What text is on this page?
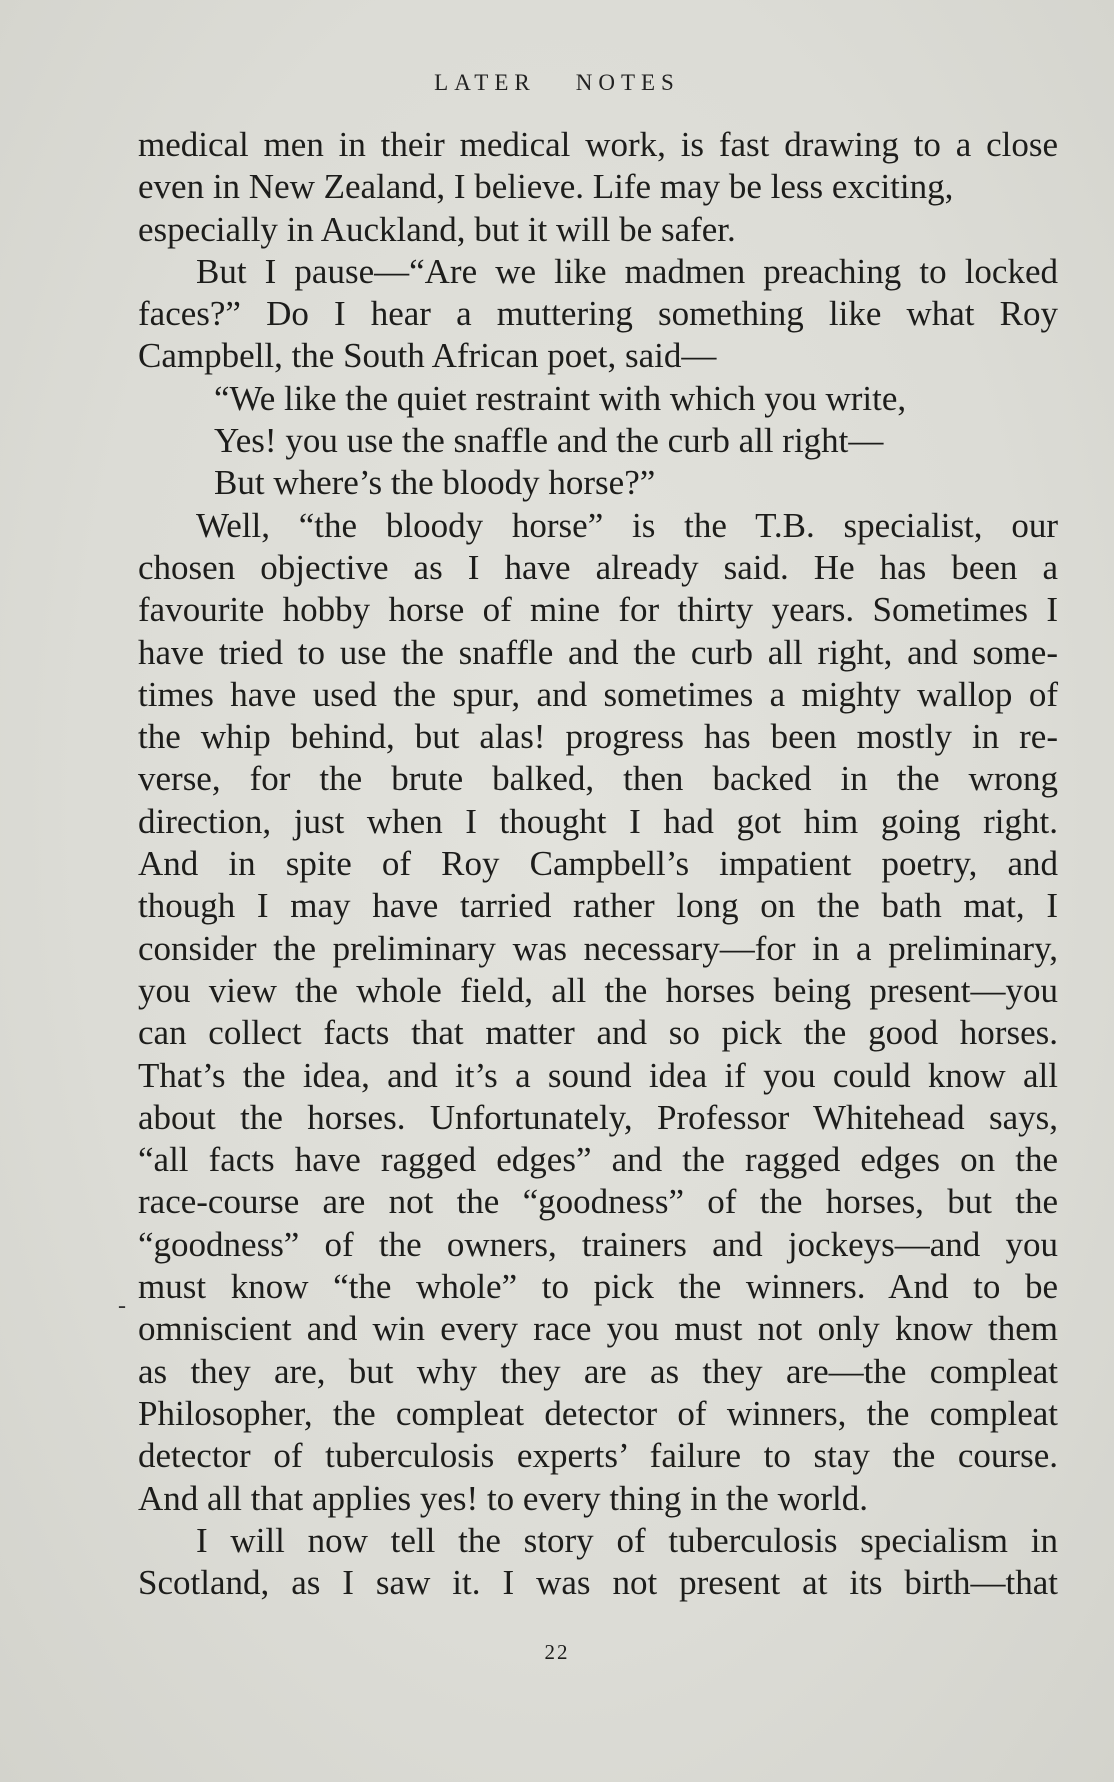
LATER NOTES
-
medical men in their medical work, is fast drawing to a close
even in New Zealand, I believe. Life may be less exciting,
especially in Auckland, but it will be safer.
But I pause—“Are we like madmen preaching to locked
faces?” Do I hear a muttering something like what Roy
Campbell, the South African poet, said—
“We like the quiet restraint with which you write,
Yes! you use the snaffle and the curb all right—
But where’s the bloody horse?”
Well, “the bloody horse” is the T.B. specialist, our
chosen objective as I have already said. He has been a
favourite hobby horse of mine for thirty years. Sometimes I
have tried to use the snaffle and the curb all right, and some-
times have used the spur, and sometimes a mighty wallop of
the whip behind, but alas! progress has been mostly in re-
verse, for the brute balked, then backed in the wrong
direction, just when I thought I had got him going right.
And in spite of Roy Campbell’s impatient poetry, and
though I may have tarried rather long on the bath mat, I
consider the preliminary was necessary—for in a preliminary,
you view the whole field, all the horses being present—you
can collect facts that matter and so pick the good horses.
That’s the idea, and it’s a sound idea if you could know all
about the horses. Unfortunately, Professor Whitehead says,
“all facts have ragged edges” and the ragged edges on the
race-course are not the “goodness” of the horses, but the
“goodness” of the owners, trainers and jockeys—and you
must know “the whole” to pick the winners. And to be
omniscient and win every race you must not only know them
as they are, but why they are as they are—the compleat
Philosopher, the compleat detector of winners, the compleat
detector of tuberculosis experts’ failure to stay the course.
And all that applies yes! to every thing in the world.
I will now tell the story of tuberculosis specialism in
Scotland, as I saw it. I was not present at its birth—that
22
